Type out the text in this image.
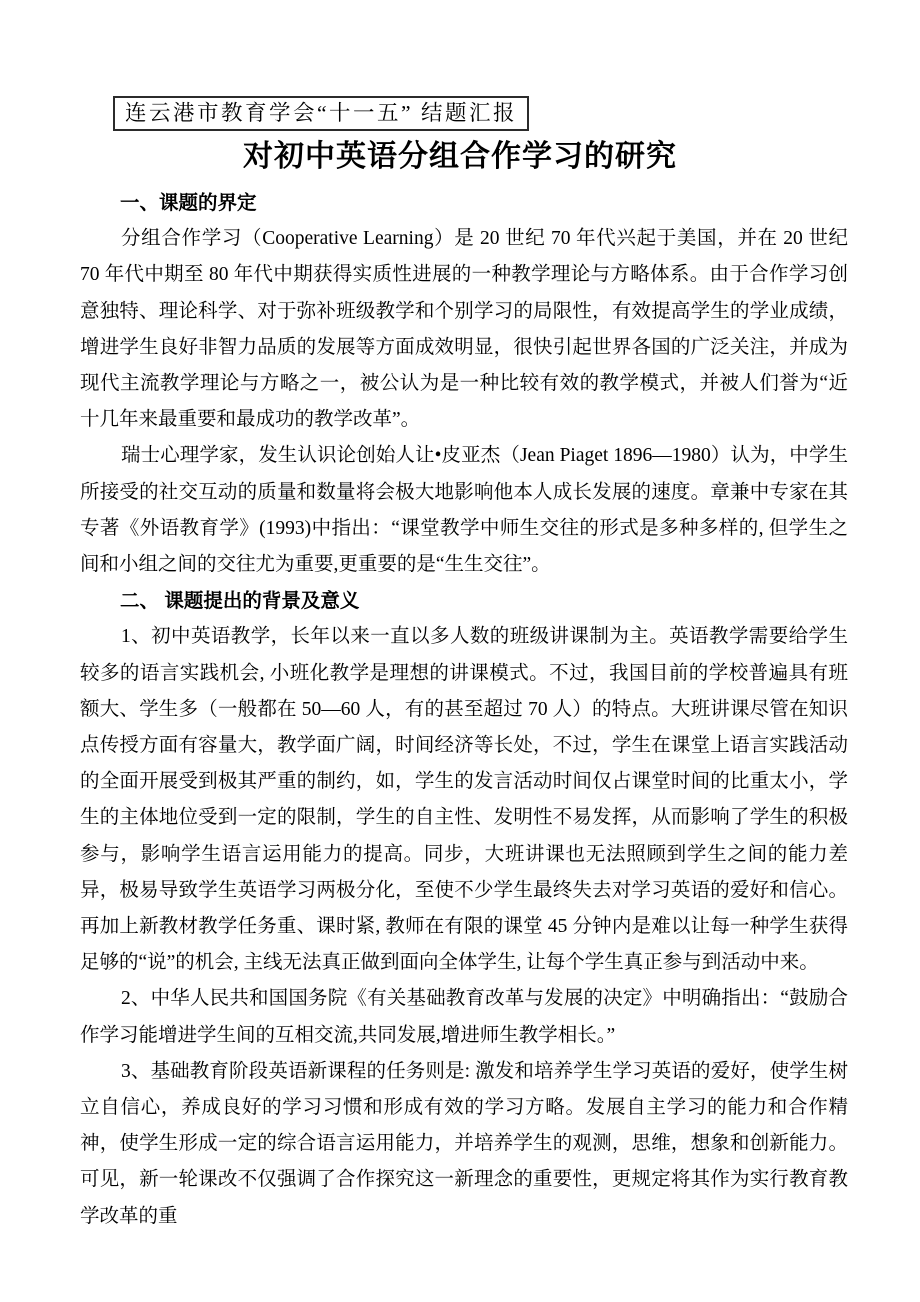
连云港市教育学会“十一五” 结题汇报
对初中英语分组合作学习的研究
一、课题的界定
分组合作学习（Cooperative Learning）是 20 世纪 70 年代兴起于美国，并在 20 世纪 70 年代中期至 80 年代中期获得实质性进展的一种教学理论与方略体系。由于合作学习创意独特、理论科学、对于弥补班级教学和个别学习的局限性，有效提高学生的学业成绩，增进学生良好非智力品质的发展等方面成效明显，很快引起世界各国的广泛关注，并成为现代主流教学理论与方略之一，被公认为是一种比较有效的教学模式，并被人们誉为“近十几年来最重要和最成功的教学改革”。
瑞士心理学家，发生认识论创始人让•皮亚杰（Jean Piaget 1896—1980）认为，中学生所接受的社交互动的质量和数量将会极大地影响他本人成长发展的速度。章兼中专家在其专著《外语教育学》(1993)中指出：“课堂教学中师生交往的形式是多种多样的, 但学生之间和小组之间的交往尤为重要,更重要的是“生生交往”。
二、 课题提出的背景及意义
1、初中英语教学，长年以来一直以多人数的班级讲课制为主。英语教学需要给学生较多的语言实践机会, 小班化教学是理想的讲课模式。不过，我国目前的学校普遍具有班额大、学生多（一般都在 50—60 人，有的甚至超过 70 人）的特点。大班讲课尽管在知识点传授方面有容量大，教学面广阔，时间经济等长处，不过，学生在课堂上语言实践活动的全面开展受到极其严重的制约，如，学生的发言活动时间仅占课堂时间的比重太小，学生的主体地位受到一定的限制，学生的自主性、发明性不易发挥，从而影响了学生的积极参与，影响学生语言运用能力的提高。同步，大班讲课也无法照顾到学生之间的能力差异，极易导致学生英语学习两极分化，至使不少学生最终失去对学习英语的爱好和信心。再加上新教材教学任务重、课时紧, 教师在有限的课堂 45 分钟内是难以让每一种学生获得足够的“说”的机会, 主线无法真正做到面向全体学生, 让每个学生真正参与到活动中来。
2、中华人民共和国国务院《有关基础教育改革与发展的决定》中明确指出：“鼓励合作学习能增进学生间的互相交流,共同发展,增进师生教学相长。”
3、基础教育阶段英语新课程的任务则是: 激发和培养学生学习英语的爱好，使学生树立自信心，养成良好的学习习惯和形成有效的学习方略。发展自主学习的能力和合作精神，使学生形成一定的综合语言运用能力，并培养学生的观测，思维，想象和创新能力。可见，新一轮课改不仅强调了合作探究这一新理念的重要性，更规定将其作为实行教育教学改革的重
